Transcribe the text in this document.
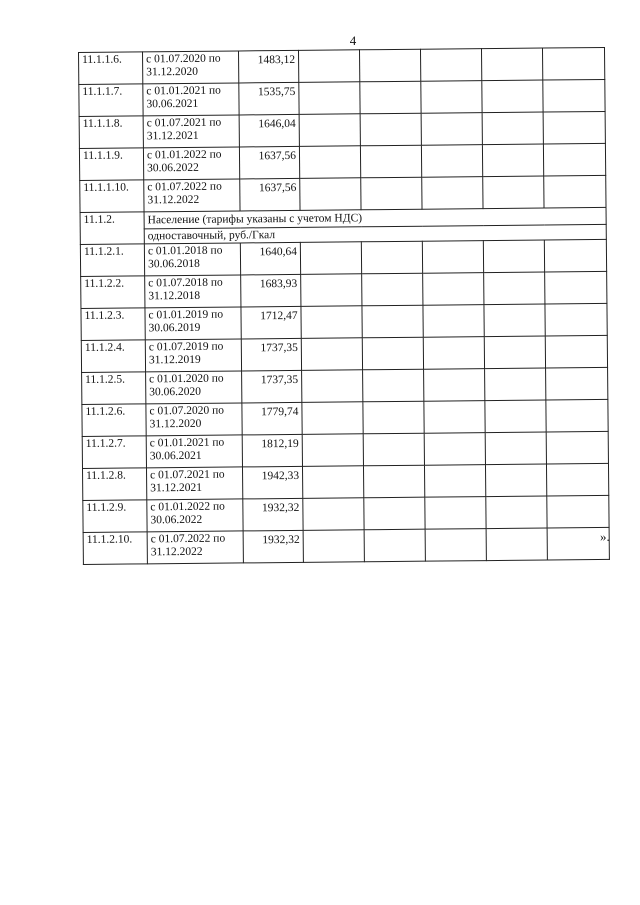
4
11.1.1.6.	с 01.07.2020 по 31.12.2020	1483,12					
11.1.1.7.	с 01.01.2021 по 30.06.2021	1535,75					
11.1.1.8.	с 01.07.2021 по 31.12.2021	1646,04					
11.1.1.9.	с 01.01.2022 по 30.06.2022	1637,56					
11.1.1.10.	с 01.07.2022 по 31.12.2022	1637,56					
11.1.2.	Население (тарифы указаны с учетом НДС)						
	одноставочный, руб./Гкал						
11.1.2.1.	с 01.01.2018 по 30.06.2018	1640,64					
11.1.2.2.	с 01.07.2018 по 31.12.2018	1683,93					
11.1.2.3.	с 01.01.2019 по 30.06.2019	1712,47					
11.1.2.4.	с 01.07.2019 по 31.12.2019	1737,35					
11.1.2.5.	с 01.01.2020 по 30.06.2020	1737,35					
11.1.2.6.	с 01.07.2020 по 31.12.2020	1779,74					
11.1.2.7.	с 01.01.2021 по 30.06.2021	1812,19					
11.1.2.8.	с 01.07.2021 по 31.12.2021	1942,33					
11.1.2.9.	с 01.01.2022 по 30.06.2022	1932,32					
11.1.2.10.	с 01.07.2022 по 31.12.2022	1932,32						».
